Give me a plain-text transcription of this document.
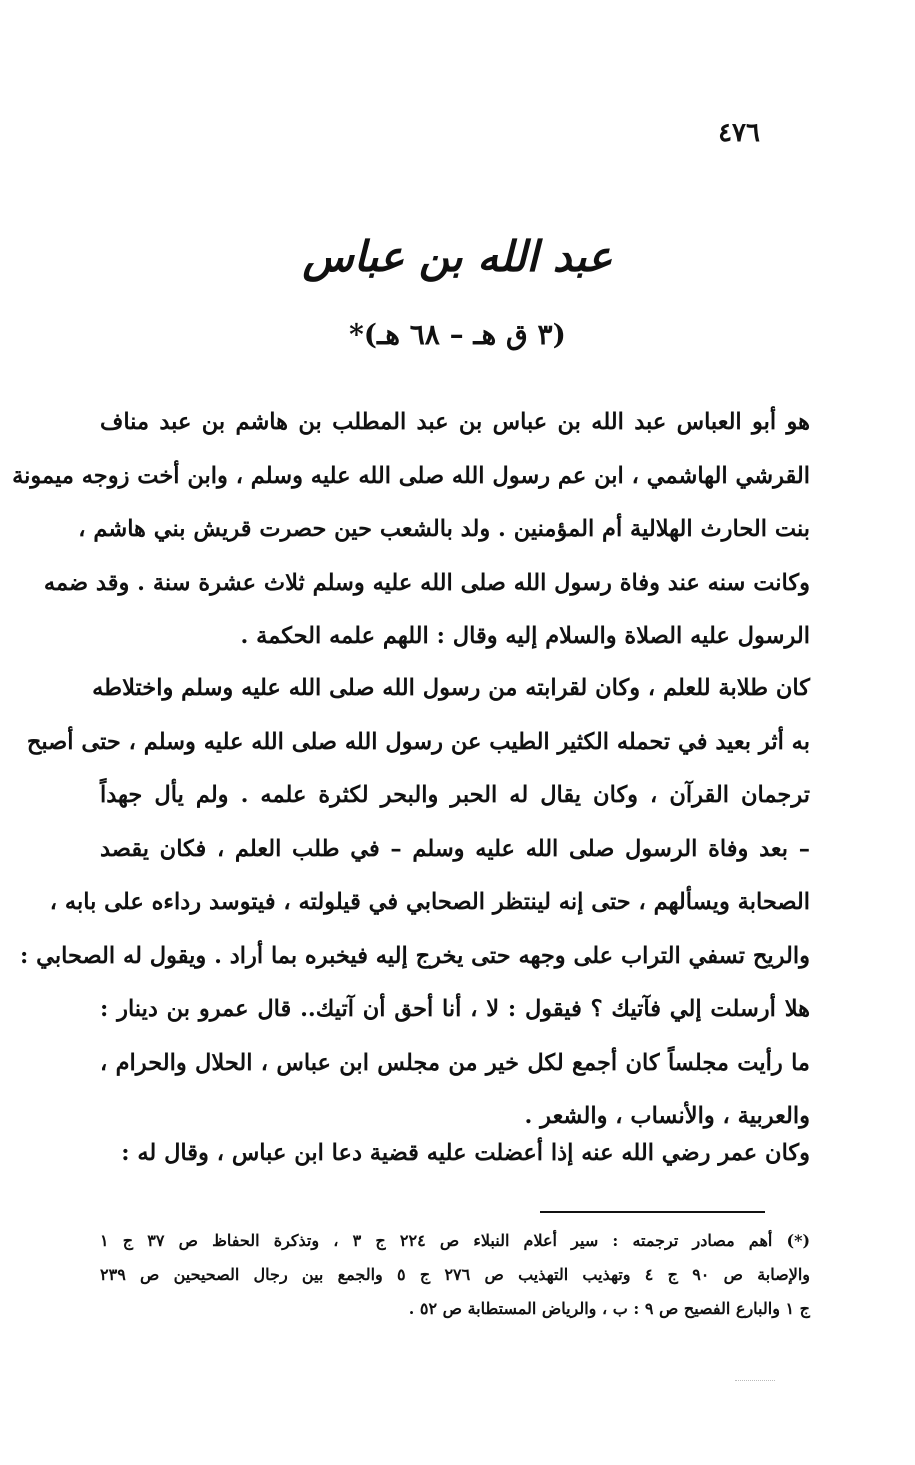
٤٧٦
عبد الله بن عباس
(٣ ق هـ – ٦٨ هـ)*
هو أبو العباس عبد الله بن عباس بن عبد المطلب بن هاشم بن عبد مناف
القرشي الهاشمي ، ابن عم رسول الله صلى الله عليه وسلم ، وابن أخت زوجه ميمونة
بنت الحارث الهلالية أم المؤمنين . ولد بالشعب حين حصرت قريش بني هاشم ،
وكانت سنه عند وفاة رسول الله صلى الله عليه وسلم ثلاث عشرة سنة . وقد ضمه
الرسول عليه الصلاة والسلام إليه وقال : اللهم علمه الحكمة .
كان طلابة للعلم ، وكان لقرابته من رسول الله صلى الله عليه وسلم واختلاطه
به أثر بعيد في تحمله الكثير الطيب عن رسول الله صلى الله عليه وسلم ، حتى أصبح
ترجمان القرآن ، وكان يقال له الحبر والبحر لكثرة علمه . ولم يأل جهداً
– بعد وفاة الرسول صلى الله عليه وسلم – في طلب العلم ، فكان يقصد
الصحابة ويسألهم ، حتى إنه لينتظر الصحابي في قيلولته ، فيتوسد رداءه على بابه ،
والريح تسفي التراب على وجهه حتى يخرج إليه فيخبره بما أراد . ويقول له الصحابي :
هلا أرسلت إلي فآتيك ؟ فيقول : لا ، أنا أحق أن آتيك.. قال عمرو بن دينار :
ما رأيت مجلساً كان أجمع لكل خير من مجلس ابن عباس ، الحلال والحرام ،
والعربية ، والأنساب ، والشعر .
وكان عمر رضي الله عنه إذا أعضلت عليه قضية دعا ابن عباس ، وقال له :
(*) أهم مصادر ترجمته : سير أعلام النبلاء ص ٢٢٤ ج ٣ ، وتذكرة الحفاظ ص ٣٧ ج ١
والإصابة ص ٩٠ ج ٤ وتهذيب التهذيب ص ٢٧٦ ج ٥ والجمع بين رجال الصحيحين ص ٢٣٩
ج ١ والبارع الفصيح ص ٩ : ب ، والرياض المستطابة ص ٥٢ .
